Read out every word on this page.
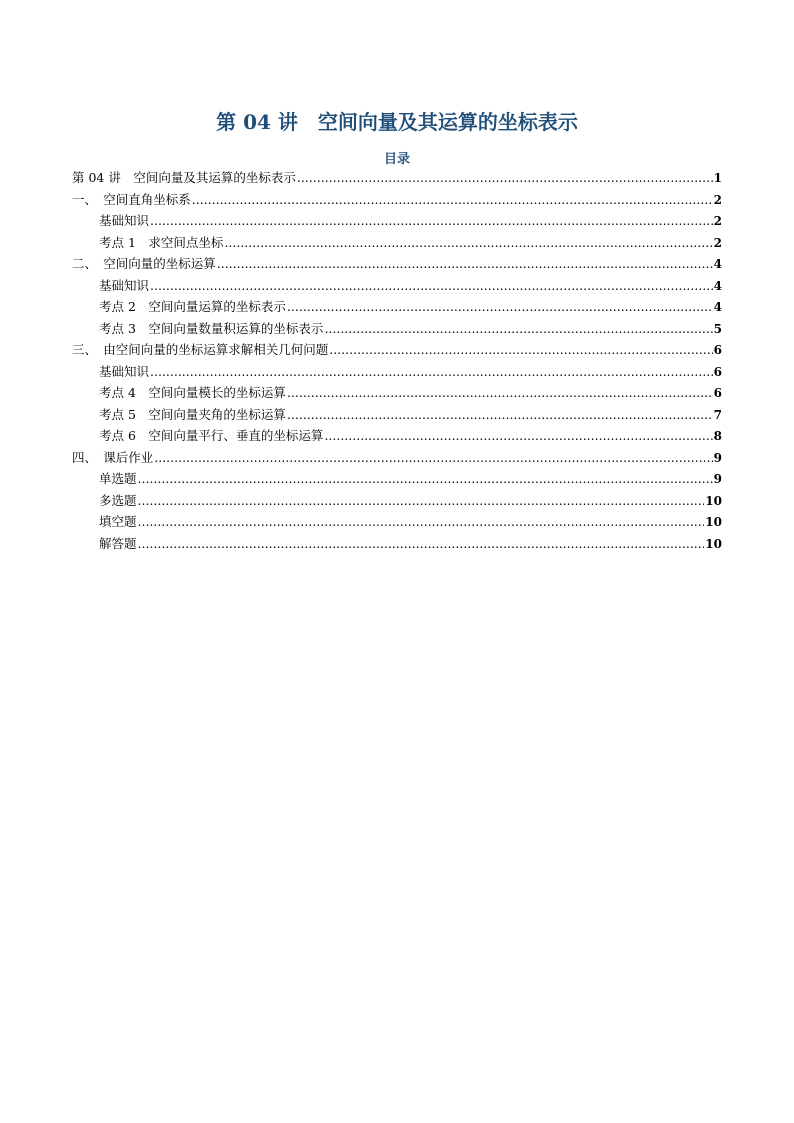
第 04 讲　空间向量及其运算的坐标表示
目录
第 04 讲　空间向量及其运算的坐标表示 .....	1
一、　空间直角坐标系 .....	2
基础知识 .....	2
考点 1　求空间点坐标 .....	2
二、　空间向量的坐标运算 .....	4
基础知识 .....	4
考点 2　空间向量运算的坐标表示 .....	4
考点 3　空间向量数量积运算的坐标表示 .....	5
三、　由空间向量的坐标运算求解相关几何问题 .....	6
基础知识 .....	6
考点 4　空间向量模长的坐标运算 .....	6
考点 5　空间向量夹角的坐标运算 .....	7
考点 6　空间向量平行、垂直的坐标运算 .....	8
四、　课后作业 .....	9
单选题 .....	9
多选题 .....	10
填空题 .....	10
解答题 .....	10
